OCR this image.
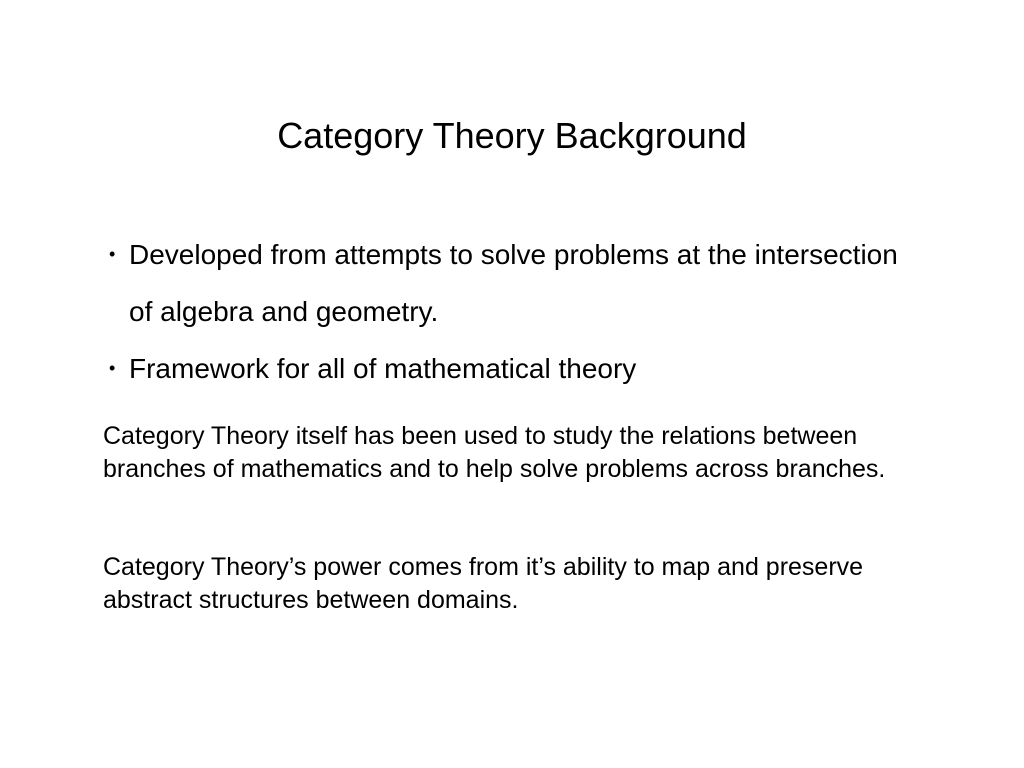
Category Theory Background
• Developed from attempts to solve problems at the intersection of algebra and geometry.
• Framework for all of mathematical theory

Category Theory itself has been used to study the relations between branches of mathematics and to help solve problems across branches.

Category Theory’s power comes from it’s ability to map and preserve abstract structures between domains.
